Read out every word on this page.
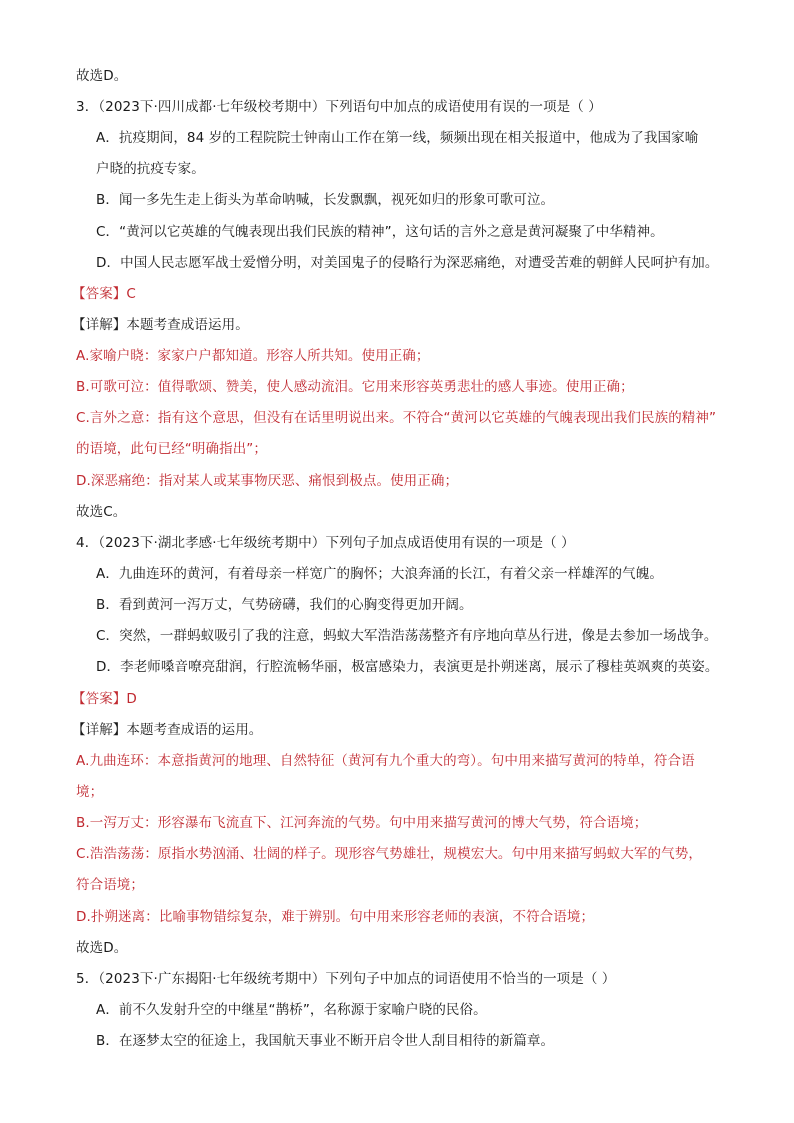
故选D。
3．（2023下·四川成都·七年级校考期中）下列语句中加点的成语使用有误的一项是（ ）
A．抗疫期间，84 岁的工程院院士钟南山工作在第一线，频频出现在相关报道中，他成为了我国家喻
户晓的抗疫专家。
B．闻一多先生走上街头为革命呐喊，长发飘飘，视死如归的形象可歌可泣。
C．“黄河以它英雄的气魄表现出我们民族的精神”，这句话的言外之意是黄河凝聚了中华精神。
D．中国人民志愿军战士爱憎分明，对美国鬼子的侵略行为深恶痛绝，对遭受苦难的朝鲜人民呵护有加。
【答案】C
【详解】本题考查成语运用。
A.家喻户晓：家家户户都知道。形容人所共知。使用正确；
B.可歌可泣：值得歌颂、赞美，使人感动流泪。它用来形容英勇悲壮的感人事迹。使用正确；
C.言外之意：指有这个意思，但没有在话里明说出来。不符合“黄河以它英雄的气魄表现出我们民族的精神”
的语境，此句已经“明确指出”；
D.深恶痛绝：指对某人或某事物厌恶、痛恨到极点。使用正确；
故选C。
4．（2023下·湖北孝感·七年级统考期中）下列句子加点成语使用有误的一项是（ ）
A．九曲连环的黄河，有着母亲一样宽广的胸怀；大浪奔涌的长江，有着父亲一样雄浑的气魄。
B．看到黄河一泻万丈，气势磅礴，我们的心胸变得更加开阔。
C．突然，一群蚂蚁吸引了我的注意，蚂蚁大军浩浩荡荡整齐有序地向草丛行进，像是去参加一场战争。
D．李老师嗓音嘹亮甜润，行腔流畅华丽，极富感染力，表演更是扑朔迷离，展示了穆桂英飒爽的英姿。
【答案】D
【详解】本题考查成语的运用。
A.九曲连环：本意指黄河的地理、自然特征（黄河有九个重大的弯）。句中用来描写黄河的特单，符合语
境；
B.一泻万丈：形容瀑布飞流直下、江河奔流的气势。句中用来描写黄河的博大气势，符合语境；
C.浩浩荡荡：原指水势汹涌、壮阔的样子。现形容气势雄壮，规模宏大。句中用来描写蚂蚁大军的气势，
符合语境；
D.扑朔迷离：比喻事物错综复杂，难于辨别。句中用来形容老师的表演，不符合语境；
故选D。
5．（2023下·广东揭阳·七年级统考期中）下列句子中加点的词语使用不恰当的一项是（ ）
A．前不久发射升空的中继星“鹊桥”，名称源于家喻户晓的民俗。
B．在逐梦太空的征途上，我国航天事业不断开启令世人刮目相待的新篇章。
